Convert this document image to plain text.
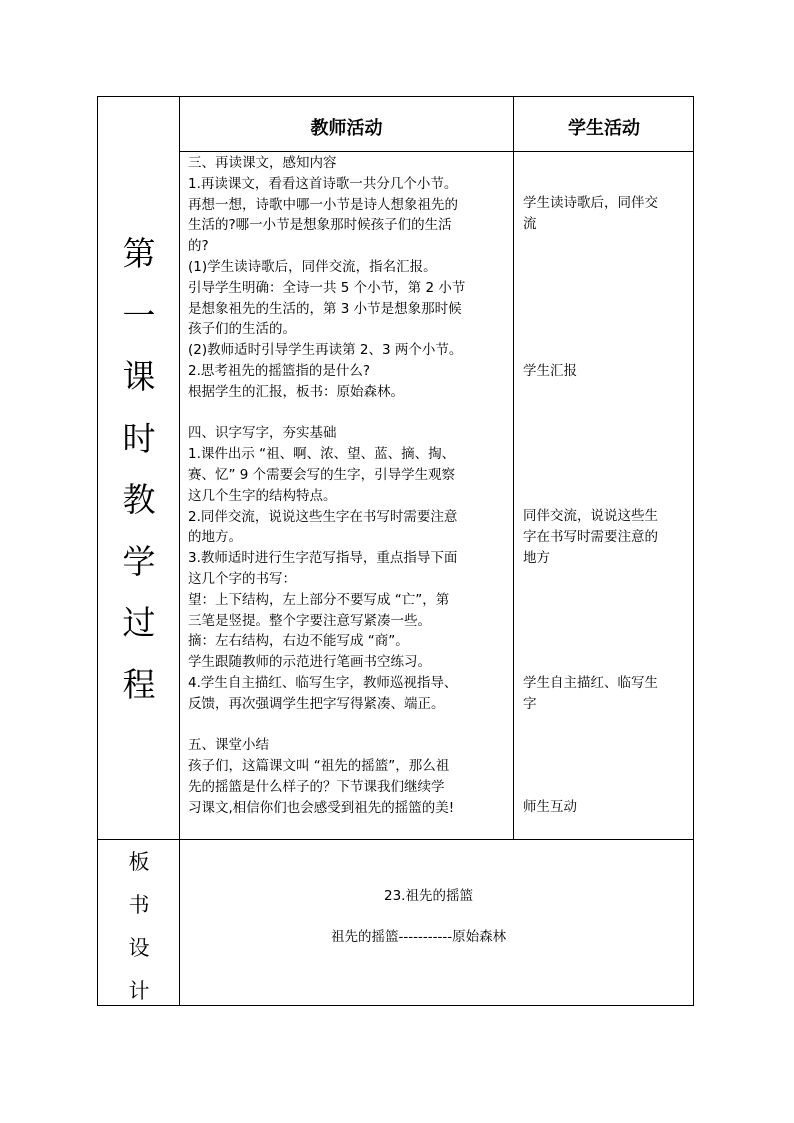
教师活动	学生活动
第
一
课
时
教
学
过
程
三、再读课文，感知内容
1.再读课文，看看这首诗歌一共分几个小节。
再想一想，诗歌中哪一小节是诗人想象祖先的
生活的?哪一小节是想象那时候孩子们的生活
的?
(1)学生读诗歌后，同伴交流，指名汇报。
引导学生明确：全诗一共 5 个小节，第 2 小节
是想象祖先的生活的，第 3 小节是想象那时候
孩子们的生活的。
(2)教师适时引导学生再读第 2、3 两个小节。
2.思考祖先的摇篮指的是什么?
根据学生的汇报，板书：原始森林。
四、识字写字，夯实基础
1.课件出示 “祖、啊、浓、望、蓝、摘、掏、
赛、忆” 9 个需要会写的生字，引导学生观察
这几个生字的结构特点。
2.同伴交流，说说这些生字在书写时需要注意
的地方。
3.教师适时进行生字范写指导，重点指导下面
这几个字的书写：
望：上下结构，左上部分不要写成 “亡”，第
三笔是竖提。整个字要注意写紧凑一些。
摘：左右结构，右边不能写成 “商”。
学生跟随教师的示范进行笔画书空练习。
4.学生自主描红、临写生字，教师巡视指导、
反馈，再次强调学生把字写得紧凑、端正。
五、课堂小结
孩子们，这篇课文叫 “祖先的摇篮”，那么祖
先的摇篮是什么样子的？下节课我们继续学
习课文,相信你们也会感受到祖先的摇篮的美!
学生读诗歌后，同伴交
流
学生汇报
同伴交流，说说这些生
字在书写时需要注意的
地方
学生自主描红、临写生
字
师生互动
板
书
设
计
23.祖先的摇篮
祖先的摇篮-----------原始森林
